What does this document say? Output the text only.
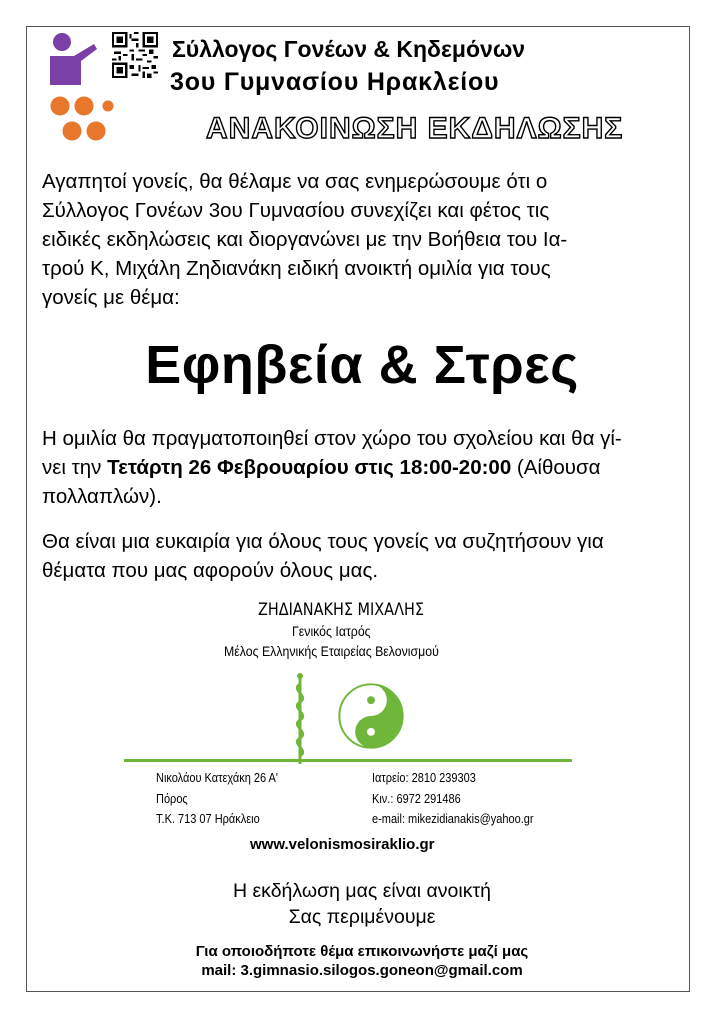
Σύλλογος Γονέων & Κηδεμόνων
3ου Γυμνασίου Ηρακλείου
ΑΝΑΚΟΙΝΩΣΗ ΕΚΔΗΛΩΣΗΣ
Αγαπητοί γονείς, θα θέλαμε να σας ενημερώσουμε ότι ο
Σύλλογος Γονέων 3ου Γυμνασίου συνεχίζει και φέτος τις
ειδικές εκδηλώσεις και διοργανώνει με την Βοήθεια του Ια-
τρού Κ, Μιχάλη Ζηδιανάκη ειδική ανοικτή ομιλία για τους
γονείς με θέμα:
Εφηβεία & Στρες
Η ομιλία θα πραγματοποιηθεί στον χώρο του σχολείου και θα γί-
νει την Τετάρτη 26 Φεβρουαρίου στις 18:00-20:00 (Αίθουσα
πολλαπλών).
Θα είναι μια ευκαιρία για όλους τους γονείς να συζητήσουν για
θέματα που μας αφορούν όλους μας.
ΖΗΔΙΑΝΑΚΗΣ ΜΙΧΑΛΗΣ
Γενικός Ιατρός
Μέλος Ελληνικής Εταιρείας Βελονισμού
Νικολάου Κατεχάκη 26 Α'
Πόρος
Τ.Κ. 713 07 Ηράκλειο
Ιατρείο: 2810 239303
Κιν.: 6972 291486
e-mail: mikezidianakis@yahoo.gr
www.velonismosiraklio.gr
Η εκδήλωση μας είναι ανοικτή
Σας περιμένουμε
Για οποιοδήποτε θέμα επικοινωνήστε μαζί μας
mail: 3.gimnasio.silogos.goneon@gmail.com
